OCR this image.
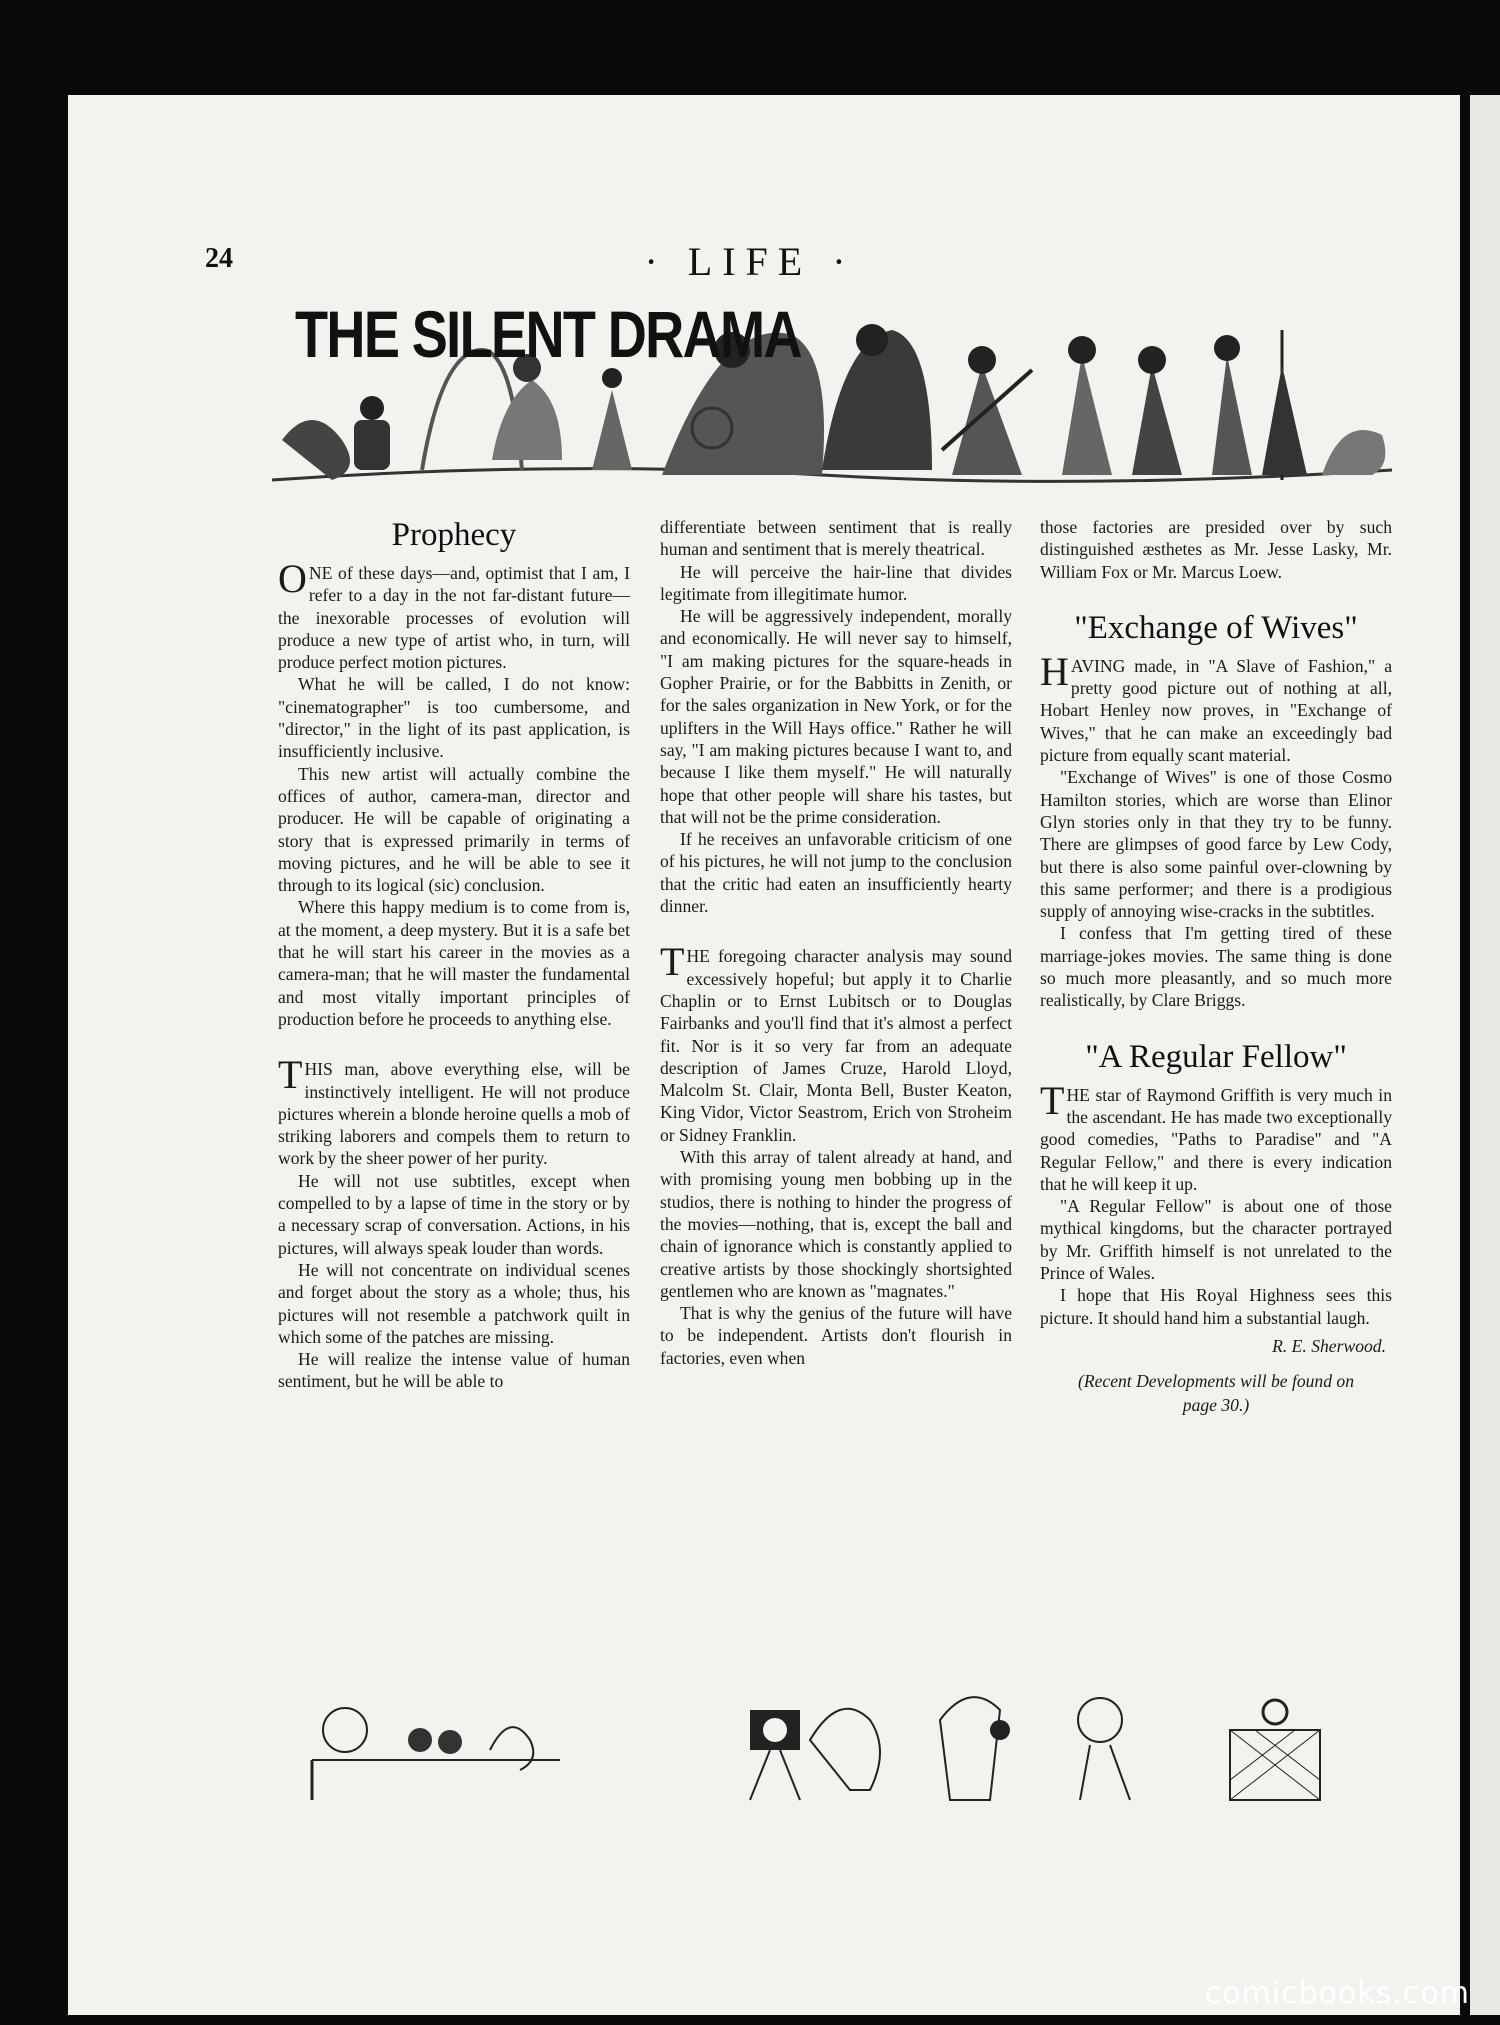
24	· LIFE ·
THE SILENT DRAMA
Prophecy

ONE of these days—and, optimist that I am, I refer to a day in the not far-distant future—the inexorable processes of evolution will produce a new type of artist who, in turn, will produce perfect motion pictures.

What he will be called, I do not know: "cinematographer" is too cumbersome, and "director," in the light of its past application, is insufficiently inclusive.

This new artist will actually combine the offices of author, camera-man, director and producer. He will be capable of originating a story that is expressed primarily in terms of moving pictures, and he will be able to see it through to its logical (sic) conclusion.

Where this happy medium is to come from is, at the moment, a deep mystery. But it is a safe bet that he will start his career in the movies as a camera-man; that he will master the fundamental and most vitally important principles of production before he proceeds to anything else.

THIS man, above everything else, will be instinctively intelligent. He will not produce pictures wherein a blonde heroine quells a mob of striking laborers and compels them to return to work by the sheer power of her purity.

He will not use subtitles, except when compelled to by a lapse of time in the story or by a necessary scrap of conversation. Actions, in his pictures, will always speak louder than words.

He will not concentrate on individual scenes and forget about the story as a whole; thus, his pictures will not resemble a patchwork quilt in which some of the patches are missing.

He will realize the intense value of human sentiment, but he will be able to

differentiate between sentiment that is really human and sentiment that is merely theatrical.

He will perceive the hair-line that divides legitimate from illegitimate humor.

He will be aggressively independent, morally and economically. He will never say to himself, "I am making pictures for the square-heads in Gopher Prairie, or for the Babbitts in Zenith, or for the sales organization in New York, or for the uplifters in the Will Hays office." Rather he will say, "I am making pictures because I want to, and because I like them myself." He will naturally hope that other people will share his tastes, but that will not be the prime consideration.

If he receives an unfavorable criticism of one of his pictures, he will not jump to the conclusion that the critic had eaten an insufficiently hearty dinner.

THE foregoing character analysis may sound excessively hopeful; but apply it to Charlie Chaplin or to Ernst Lubitsch or to Douglas Fairbanks and you'll find that it's almost a perfect fit. Nor is it so very far from an adequate description of James Cruze, Harold Lloyd, Malcolm St. Clair, Monta Bell, Buster Keaton, King Vidor, Victor Seastrom, Erich von Stroheim or Sidney Franklin.

With this array of talent already at hand, and with promising young men bobbing up in the studios, there is nothing to hinder the progress of the movies—nothing, that is, except the ball and chain of ignorance which is constantly applied to creative artists by those shockingly shortsighted gentlemen who are known as "magnates."

That is why the genius of the future will have to be independent. Artists don't flourish in factories, even when

those factories are presided over by such distinguished æsthetes as Mr. Jesse Lasky, Mr. William Fox or Mr. Marcus Loew.

"Exchange of Wives"

HAVING made, in "A Slave of Fashion," a pretty good picture out of nothing at all, Hobart Henley now proves, in "Exchange of Wives," that he can make an exceedingly bad picture from equally scant material.

"Exchange of Wives" is one of those Cosmo Hamilton stories, which are worse than Elinor Glyn stories only in that they try to be funny. There are glimpses of good farce by Lew Cody, but there is also some painful over-clowning by this same performer; and there is a prodigious supply of annoying wise-cracks in the subtitles.

I confess that I'm getting tired of these marriage-jokes movies. The same thing is done so much more pleasantly, and so much more realistically, by Clare Briggs.

"A Regular Fellow"

THE star of Raymond Griffith is very much in the ascendant. He has made two exceptionally good comedies, "Paths to Paradise" and "A Regular Fellow," and there is every indication that he will keep it up.

"A Regular Fellow" is about one of those mythical kingdoms, but the character portrayed by Mr. Griffith himself is not unrelated to the Prince of Wales.

I hope that His Royal Highness sees this picture. It should hand him a substantial laugh.

R. E. Sherwood.
(Recent Developments will be found on
page 30.)
comicbooks.com
